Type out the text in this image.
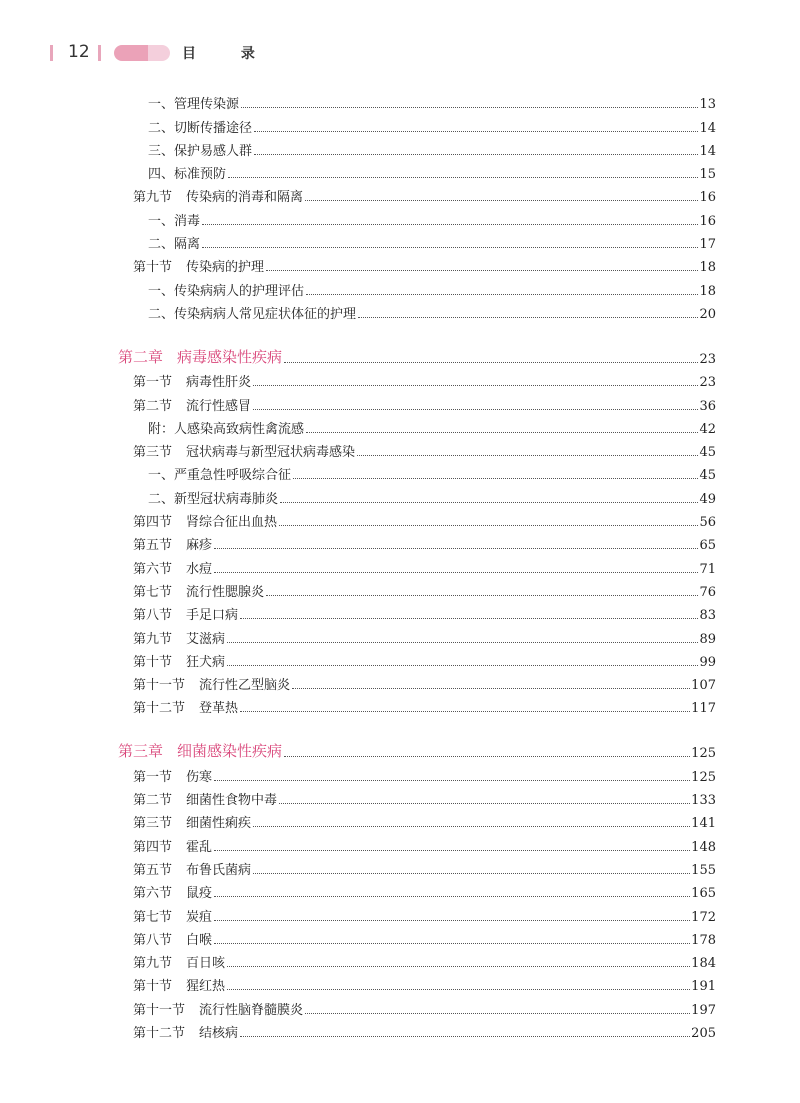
12	目 录
一、管理传染源	13
二、切断传播途径	14
三、保护易感人群	14
四、标准预防	15
第九节 传染病的消毒和隔离	16
一、消毒	16
二、隔离	17
第十节 传染病的护理	18
一、传染病病人的护理评估	18
二、传染病病人常见症状体征的护理	20
第二章 病毒感染性疾病	23
第一节 病毒性肝炎	23
第二节 流行性感冒	36
附：人感染高致病性禽流感	42
第三节 冠状病毒与新型冠状病毒感染	45
一、严重急性呼吸综合征	45
二、新型冠状病毒肺炎	49
第四节 肾综合征出血热	56
第五节 麻疹	65
第六节 水痘	71
第七节 流行性腮腺炎	76
第八节 手足口病	83
第九节 艾滋病	89
第十节 狂犬病	99
第十一节 流行性乙型脑炎	107
第十二节 登革热	117
第三章 细菌感染性疾病	125
第一节 伤寒	125
第二节 细菌性食物中毒	133
第三节 细菌性痢疾	141
第四节 霍乱	148
第五节 布鲁氏菌病	155
第六节 鼠疫	165
第七节 炭疽	172
第八节 白喉	178
第九节 百日咳	184
第十节 猩红热	191
第十一节 流行性脑脊髓膜炎	197
第十二节 结核病	205
